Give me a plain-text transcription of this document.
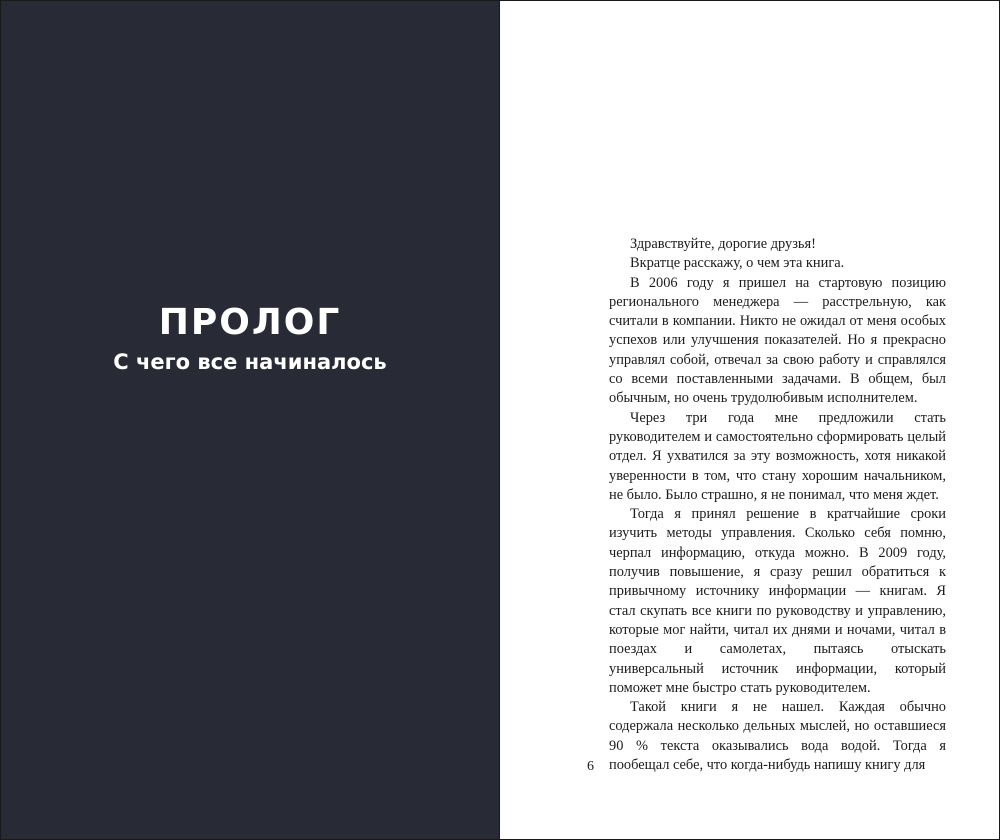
ПРОЛОГ
С чего все начиналось

Здравствуйте, дорогие друзья!

Вкратце расскажу, о чем эта книга.

В 2006 году я пришел на стартовую позицию регионального менеджера — расстрельную, как считали в компании. Никто не ожидал от меня особых успехов или улучшения показателей. Но я прекрасно управлял собой, отвечал за свою работу и справлялся со всеми поставленными задачами. В общем, был обычным, но очень трудолюбивым исполнителем.

Через три года мне предложили стать руководителем и самостоятельно сформировать целый отдел. Я ухватился за эту возможность, хотя никакой уверенности в том, что стану хорошим начальником, не было. Было страшно, я не понимал, что меня ждет.

Тогда я принял решение в кратчайшие сроки изучить методы управления. Сколько себя помню, черпал информацию, откуда можно. В 2009 году, получив повышение, я сразу решил обратиться к привычному источнику информации — книгам. Я стал скупать все книги по руководству и управлению, которые мог найти, читал их днями и ночами, читал в поездах и самолетах, пытаясь отыскать универсальный источник информации, который поможет мне быстро стать руководителем.

Такой книги я не нашел. Каждая обычно содержала несколько дельных мыслей, но оставшиеся 90 % текста оказывались вода водой. Тогда я пообещал себе, что когда-нибудь напишу книгу для

6
